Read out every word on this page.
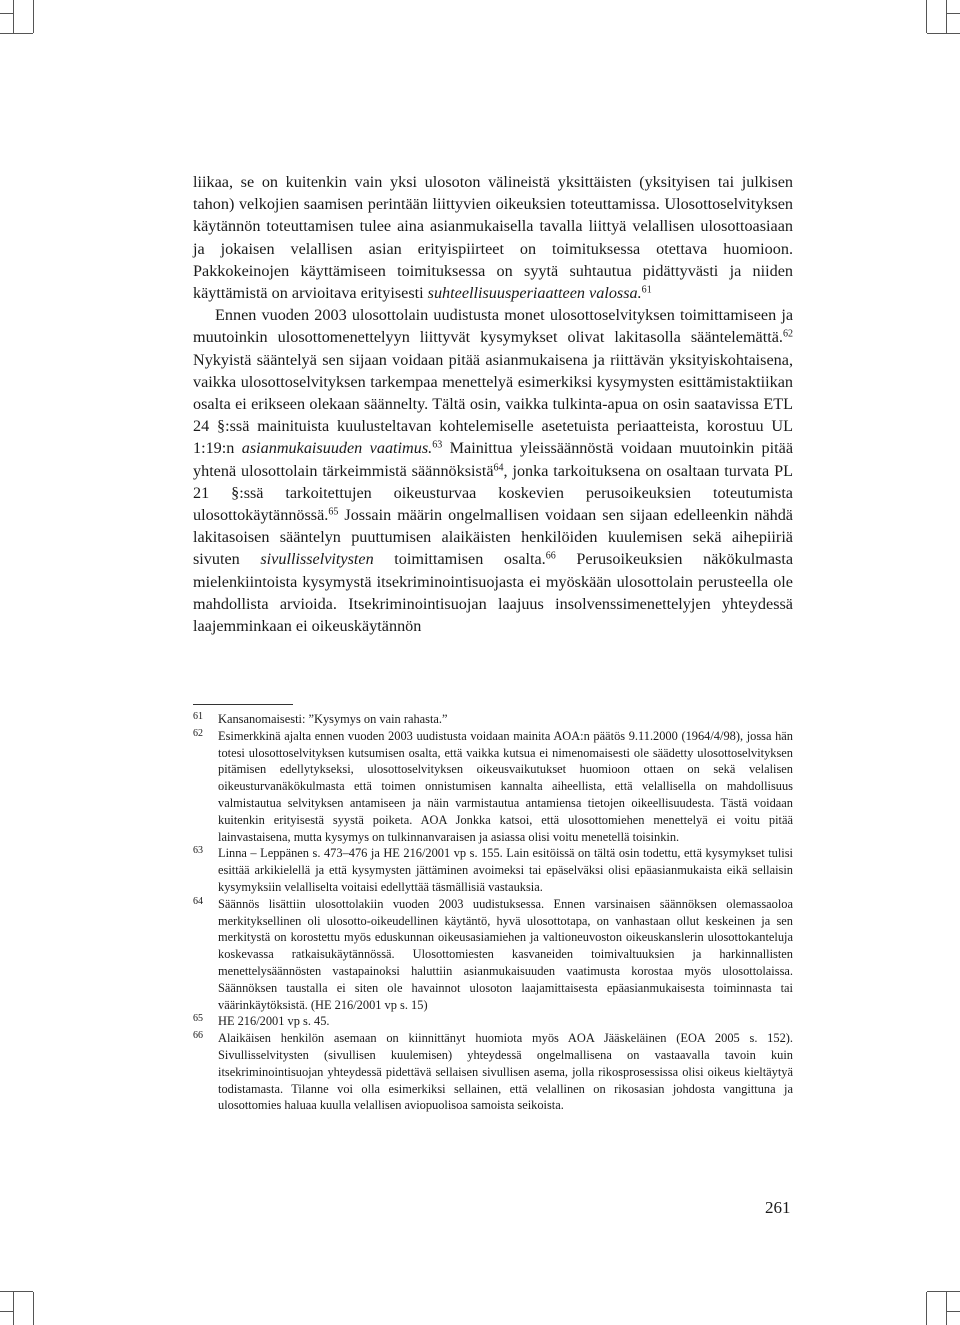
liikaa, se on kuitenkin vain yksi ulosoton välineistä yksittäisten (yksityisen tai julkisen tahon) velkojien saamisen perintään liittyvien oikeuksien toteuttamissa. Ulosottoselvityksen käytännön toteuttamisen tulee aina asianmukaisella tavalla liittyä velallisen ulosottoasiaan ja jokaisen velallisen asian erityispiirteet on toimituksessa otettava huomioon. Pakkokeinojen käyttämiseen toimituksessa on syytä suhtautua pidättyvästi ja niiden käyttämistä on arvioitava erityisesti suhteellisuusperiaatteen valossa.$^{61}$

Ennen vuoden 2003 ulosottolain uudistusta monet ulosottoselvityksen toimittamiseen ja muutoinkin ulosottomenettelyyn liittyvät kysymykset olivat lakitasolla sääntelemättä.$^{62}$ Nykyistä sääntelyä sen sijaan voidaan pitää asianmukaisena ja riittävän yksityiskohtaisena, vaikka ulosottoselvityksen tarkempaa menettelyä esimerkiksi kysymysten esittämistaktiikan osalta ei erikseen olekaan säännelty. Tältä osin, vaikka tulkinta-apua on osin saatavissa ETL 24 §:ssä mainituista kuulusteltavan kohtelemiselle asetetuista periaatteista, korostuu UL 1:19:n asianmukaisuuden vaatimus.$^{63}$ Mainittua yleissäännöstä voidaan muutoinkin pitää yhtenä ulosottolain tärkeimmistä säännöksistä$^{64}$, jonka tarkoituksena on osaltaan turvata PL 21 §:ssä tarkoitettujen oikeusturvaa koskevien perusoikeuksien toteutumista ulosottokäytännössä.$^{65}$ Jossain määrin ongelmallisen voidaan sen sijaan edelleenkin nähdä lakitasoisen sääntelyn puuttumisen alaikäisten henkilöiden kuulemisen sekä aihepiiriä sivuten sivullisselvitysten toimittamisen osalta.$^{66}$ Perusoikeuksien näkökulmasta mielenkiintoista kysymystä itsekriminointisuojasta ei myöskään ulosottolain perusteella ole mahdollista arvioida. Itsekriminointisuojan laajuus insolvenssimenettelyjen yhteydessä laajemminkaan ei oikeuskäytännön

61 Kansanomaisesti: ”Kysymys on vain rahasta.”
62 Esimerkkinä ajalta ennen vuoden 2003 uudistusta voidaan mainita AOA:n päätös 9.11.2000 (1964/4/98), jossa hän totesi ulosottoselvityksen kutsumisen osalta, että vaikka kutsua ei nimenomaisesti ole säädetty ulosottoselvityksen pitämisen edellytykseksi, ulosottoselvityksen oikeusvaikutukset huomioon ottaen on sekä velalisen oikeusturvanäkökulmasta että toimen onnistumisen kannalta aiheellista, että velallisella on mahdollisuus valmistautua selvityksen antamiseen ja näin varmistautua antamiensa tietojen oikeellisuudesta. Tästä voidaan kuitenkin erityisestä syystä poiketa. AOA Jonkka katsoi, että ulosottomiehen menettelyä ei voitu pitää lainvastaisena, mutta kysymys on tulkinnanvaraisen ja asiassa olisi voitu menetellä toisinkin.
63 Linna – Leppänen s. 473–476 ja HE 216/2001 vp s. 155. Lain esitöissä on tältä osin todettu, että kysymykset tulisi esittää arkikielellä ja että kysymysten jättäminen avoimeksi tai epäselväksi olisi epäasianmukaista eikä sellaisin kysymyksiin velalliselta voitaisi edellyttää täsmällisiä vastauksia.
64 Säännös lisättiin ulosottolakiin vuoden 2003 uudistuksessa. Ennen varsinaisen säännöksen olemassaoloa merkityksellinen oli ulosotto-oikeudellinen käytäntö, hyvä ulosottotapa, on vanhastaan ollut keskeinen ja sen merkitystä on korostettu myös eduskunnan oikeusasiamiehen ja valtioneuvoston oikeuskanslerin ulosottokanteluja koskevassa ratkaisukäytännössä. Ulosottomiesten kasvaneiden toimivaltuuksien ja harkinnallisten menettelysäännösten vastapainoksi haluttiin asianmukaisuuden vaatimusta korostaa myös ulosottolaissa. Säännöksen taustalla ei siten ole havainnot ulosoton laajamittaisesta epäasianmukaisesta toiminnasta tai väärinkäytöksistä. (HE 216/2001 vp s. 15)
65 HE 216/2001 vp s. 45.
66 Alaikäisen henkilön asemaan on kiinnittänyt huomiota myös AOA Jääskeläinen (EOA 2005 s. 152). Sivullisselvitysten (sivullisen kuulemisen) yhteydessä ongelmallisena on vastaavalla tavoin kuin itsekriminointisuojan yhteydessä pidettävä sellaisen sivullisen asema, jolla rikosprosessissa olisi oikeus kieltäytyä todistamasta. Tilanne voi olla esimerkiksi sellainen, että velallinen on rikosasian johdosta vangittuna ja ulosottomies haluaa kuulla velallisen aviopuolisoa samoista seikoista.
261
